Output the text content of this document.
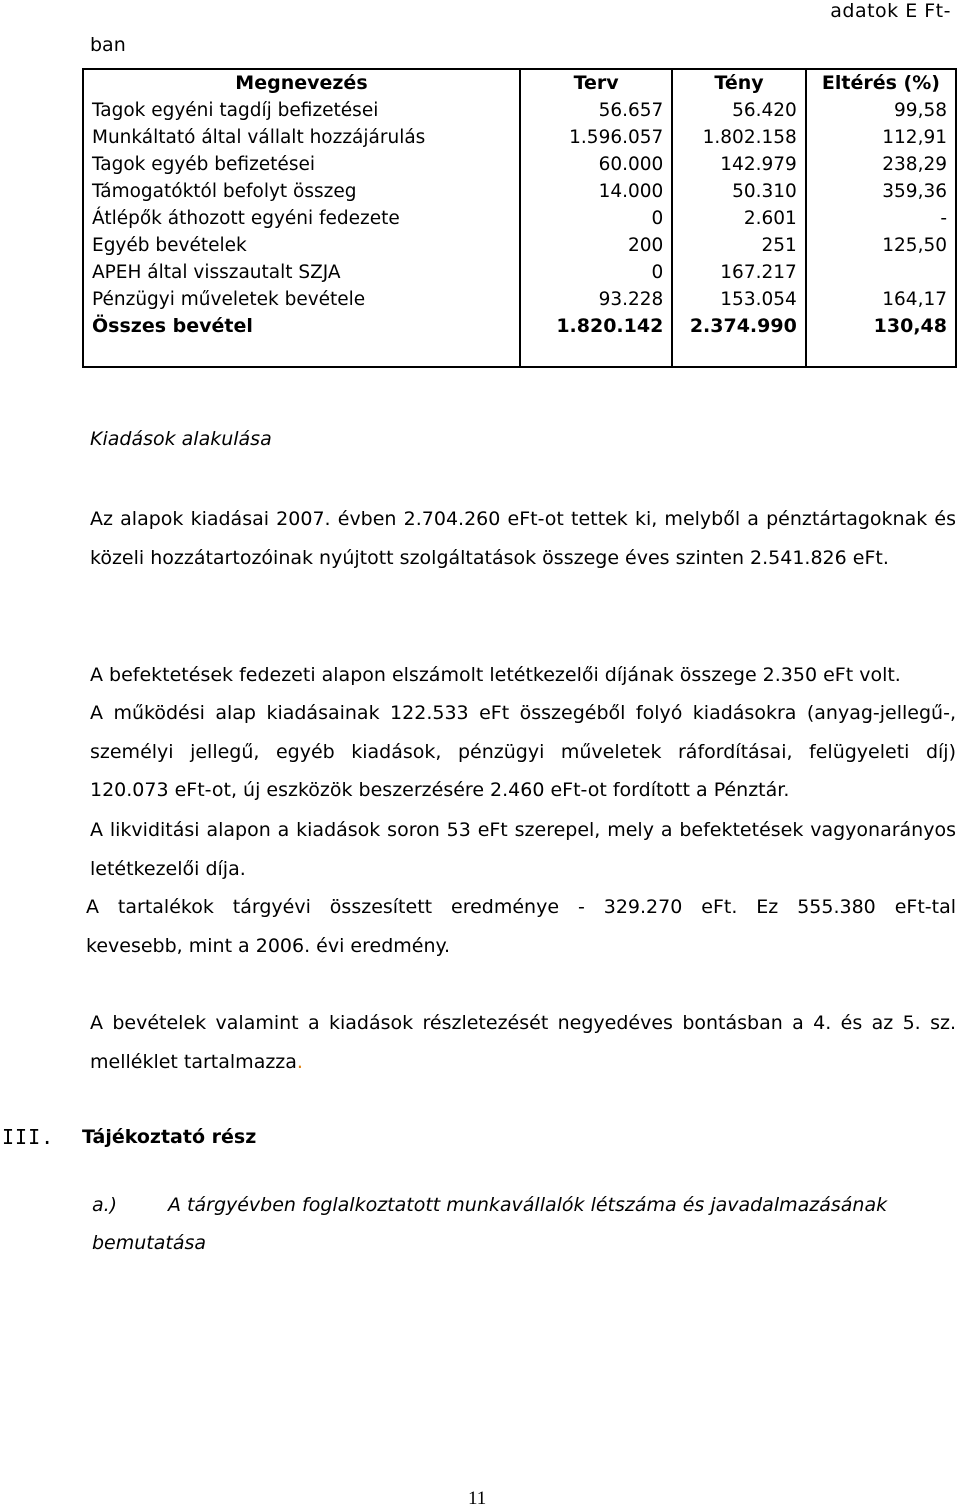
adatok E Ft-
ban
Megnevezés	Terv	Tény	Eltérés (%)
Tagok egyéni tagdíj befizetései	56.657	56.420	99,58
Munkáltató által vállalt hozzájárulás	1.596.057	1.802.158	112,91
Tagok egyéb befizetései	60.000	142.979	238,29
Támogatóktól befolyt összeg	14.000	50.310	359,36
Átlépők áthozott egyéni fedezete	0	2.601	-
Egyéb bevételek	200	251	125,50
APEH által visszautalt SZJA	0	167.217	
Pénzügyi műveletek bevétele	93.228	153.054	164,17
Összes bevétel	1.820.142	2.374.990	130,48

Kiadások alakulása
Az alapok kiadásai 2007. évben 2.704.260 eFt-ot tettek ki, melyből a pénztártagoknak és közeli hozzátartozóinak nyújtott szolgáltatások összege éves szinten 2.541.826 eFt.
A befektetések fedezeti alapon elszámolt letétkezelői díjának összege 2.350 eFt volt.
A működési alap kiadásainak 122.533 eFt összegéből folyó kiadásokra (anyag-jellegű-, személyi jellegű, egyéb kiadások, pénzügyi műveletek ráfordításai, felügyeleti díj) 120.073 eFt-ot, új eszközök beszerzésére 2.460 eFt-ot fordított a Pénztár.
A likviditási alapon a kiadások soron 53 eFt szerepel, mely a befektetések vagyonarányos letétkezelői díja.
A tartalékok tárgyévi összesített eredménye - 329.270 eFt. Ez 555.380 eFt-tal
kevesebb, mint a 2006. évi eredmény.
A bevételek valamint a kiadások részletezését negyedéves bontásban a 4. és az 5. sz. melléklet tartalmazza.
III. Tájékoztató rész
a.)	A tárgyévben foglalkoztatott munkavállalók létszáma és javadalmazásának
bemutatása
11
